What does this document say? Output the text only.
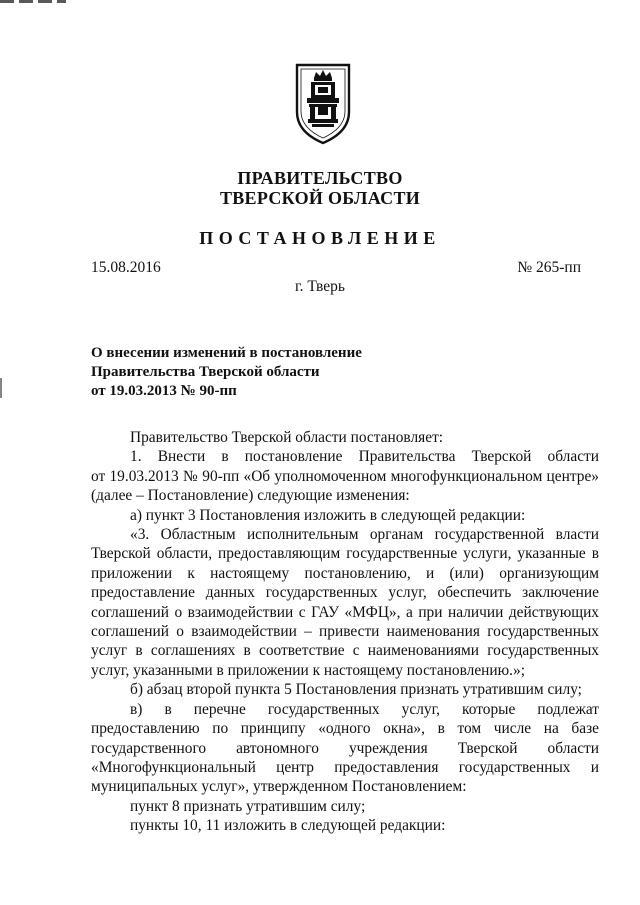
ПРАВИТЕЛЬСТВО
ТВЕРСКОЙ ОБЛАСТИ
ПОСТАНОВЛЕНИЕ
15.08.2016	№ 265-пп
г. Тверь
О внесении изменений в постановление
Правительства Тверской области
от 19.03.2013 № 90-пп
Правительство Тверской области постановляет:
1. Внести в постановление Правительства Тверской области
от 19.03.2013 № 90-пп «Об уполномоченном многофункциональном центре» (далее – Постановление) следующие изменения:
а) пункт 3 Постановления изложить в следующей редакции:
«3. Областным исполнительным органам государственной власти Тверской области, предоставляющим государственные услуги, указанные в приложении к настоящему постановлению, и (или) организующим предоставление данных государственных услуг, обеспечить заключение соглашений о взаимодействии с ГАУ «МФЦ», а при наличии действующих соглашений о взаимодействии – привести наименования государственных услуг в соглашениях в соответствие с наименованиями государственных услуг, указанными в приложении к настоящему постановлению.»;
б) абзац второй пункта 5 Постановления признать утратившим силу;
в) в перечне государственных услуг, которые подлежат предоставлению по принципу «одного окна», в том числе на базе государственного автономного учреждения Тверской области «Многофункциональный центр предоставления государственных и муниципальных услуг», утвержденном Постановлением:
пункт 8 признать утратившим силу;
пункты 10, 11 изложить в следующей редакции:
